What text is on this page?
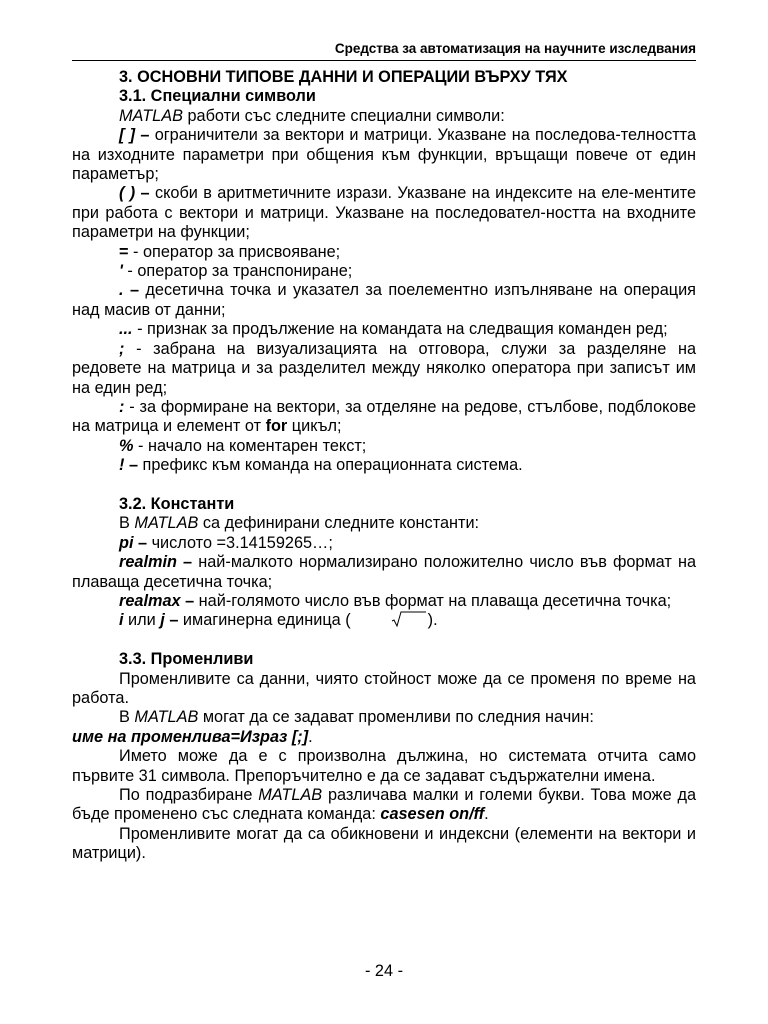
Средства за автоматизация на научните изследвания

3. ОСНОВНИ ТИПОВЕ ДАННИ И ОПЕРАЦИИ ВЪРХУ ТЯХ

3.1. Специални символи

MATLAB работи със следните специални символи:

[ ] – ограничители за вектори и матрици. Указване на последова-телността на изходните параметри при общения към функции, връщащи повече от един параметър;

( ) – скоби в аритметичните изрази. Указване на индексите на еле-ментите при работа с вектори и матрици. Указване на последовател-ността на входните параметри на функции;

= - оператор за присвояване;

' - оператор за транспониране;

. – десетична точка и указател за поелементно изпълняване на операция над масив от данни;

... - признак за продължение на командата на следващия команден ред;

; - забрана на визуализацията на отговора, служи за разделяне на редовете на матрица и за разделител между няколко оператора при записът им на един ред;

: - за формиране на вектори, за отделяне на редове, стълбове, подблокове на матрица и елемент от for цикъл;

% - начало на коментарен текст;

! – префикс към команда на операционната система.

3.2. Константи

В MATLAB са дефинирани следните константи:

pi – числото =3.14159265…;

realmin – най-малкото нормализирано положително число във формат на плаваща десетична точка;

realmax – най-голямото число във формат на плаваща десетична точка;

i или j – имагинерна единица (	).

3.3. Променливи

Променливите са данни, чиято стойност може да се променя по време на работа.

В MATLAB могат да се задават променливи по следния начин:

име на променлива=Израз [;].

Името може да е с произволна дължина, но системата отчита само първите 31 символа. Препоръчително е да се задават съдържателни имена.

По подразбиране MATLAB различава малки и големи букви. Това може да бъде променено със следната команда: casesen on/ff.

Променливите могат да са обикновени и индексни (елементи на вектори и матрици).

- 24 -
